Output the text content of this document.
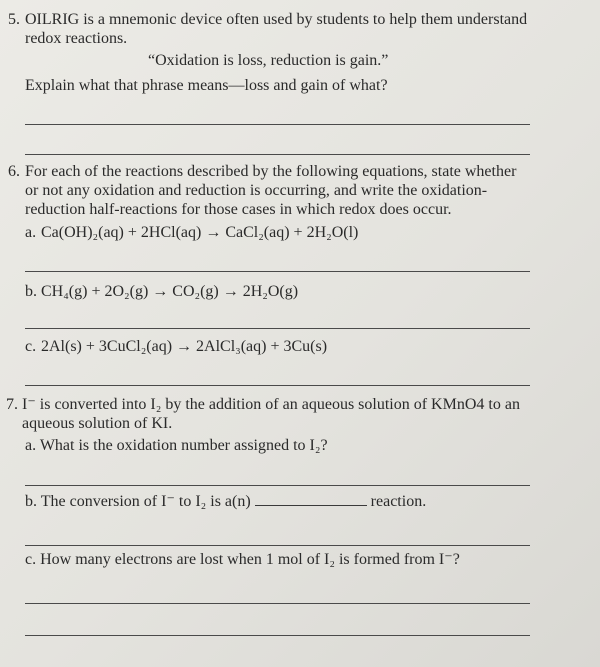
5. OILRIG is a mnemonic device often used by students to help them understand

redox reactions.

“Oxidation is loss, reduction is gain.”

Explain what that phrase means—loss and gain of what?

6. For each of the reactions described by the following equations, state whether

or not any oxidation and reduction is occurring, and write the oxidation-

reduction half-reactions for those cases in which redox does occur.

a. Ca(OH)₂(aq) + 2HCl(aq) → CaCl₂(aq) + 2H₂O(l)

b. CH₄(g) + 2O₂(g) → CO₂(g) → 2H₂O(g)

c. 2Al(s) + 3CuCl₂(aq) → 2AlCl₃(aq) + 3Cu(s)

7. I⁻ is converted into I₂ by the addition of an aqueous solution of KMnO4 to an

aqueous solution of KI.

a. What is the oxidation number assigned to I₂?

b. The conversion of I⁻ to I₂ is a(n)	reaction.

c. How many electrons are lost when 1 mol of I₂ is formed from I⁻?
